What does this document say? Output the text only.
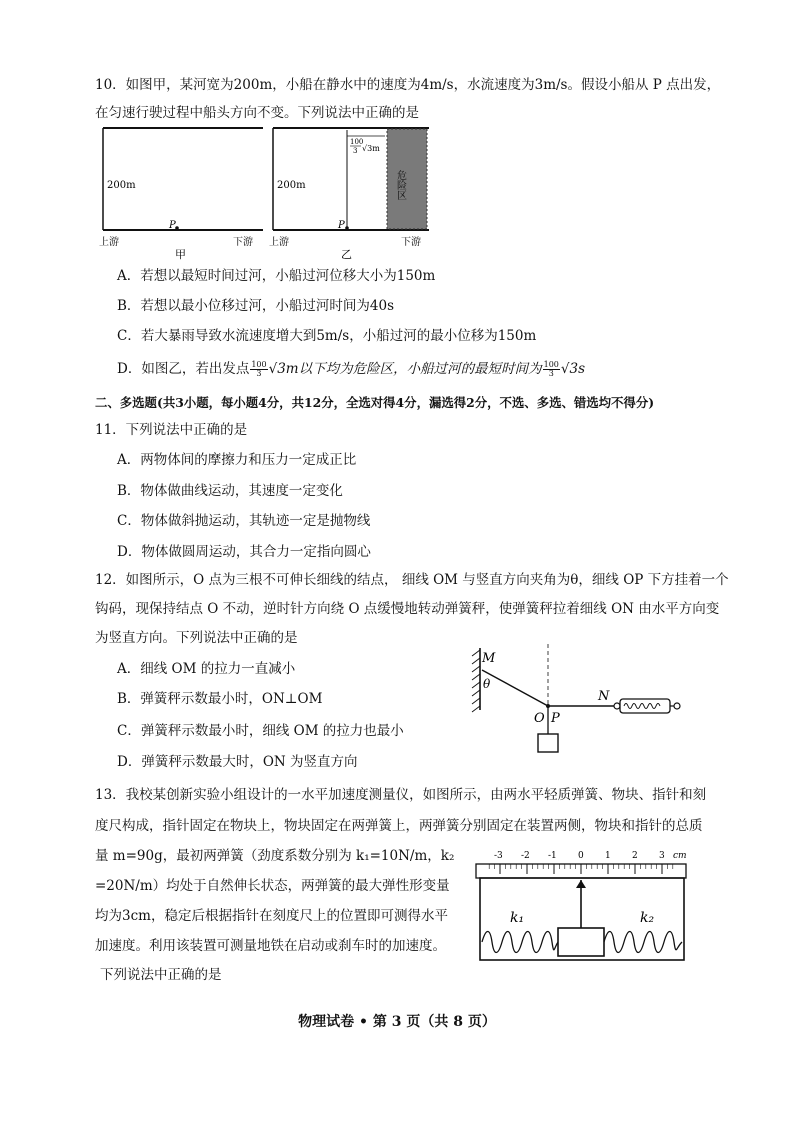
10．如图甲，某河宽为200m，小船在静水中的速度为4m/s，水流速度为3m/s。假设小船从 P 点出发，
在匀速行驶过程中船头方向不变。下列说法中正确的是
200m
P
上游	下游
甲
200m
100
3 √3m
危险区
P
上游	下游
乙
A．若想以最短时间过河，小船过河位移大小为150m
B．若想以最小位移过河，小船过河时间为40s
C．若大暴雨导致水流速度增大到5m/s，小船过河的最小位移为150m
D．如图乙，若出发点 $\frac{100}{3} √3m$以下均为危险区，小船过河的最短时间为 $\frac{100}{3} √3s$
二、多选题(共3小题，每小题4分，共12分，全选对得4分，漏选得2分，不选、多选、错选均不得分)
11．下列说法中正确的是
A．两物体间的摩擦力和压力一定成正比
B．物体做曲线运动，其速度一定变化
C．物体做斜抛运动，其轨迹一定是抛物线
D．物体做圆周运动，其合力一定指向圆心
12．如图所示，O 点为三根不可伸长细线的结点， 细线 OM 与竖直方向夹角为θ，细线 OP 下方挂着一个
钩码，现保持结点 O 不动，逆时针方向绕 O 点缓慢地转动弹簧秤，使弹簧秤拉着细线 ON 由水平方向变
为竖直方向。下列说法中正确的是
A．细线 OM 的拉力一直减小
B．弹簧秤示数最小时，ON⊥OM
C．弹簧秤示数最小时，细线 OM 的拉力也最小
D．弹簧秤示数最大时，ON 为竖直方向
M
θ
N
O P
13．我校某创新实验小组设计的一水平加速度测量仪，如图所示，由两水平轻质弹簧、物块、指针和刻
度尺构成，指针固定在物块上，物块固定在两弹簧上，两弹簧分别固定在装置两侧，物块和指针的总质
量 m=90g，最初两弹簧（劲度系数分别为 k₁=10N/m，k₂
=20N/m）均处于自然伸长状态，两弹簧的最大弹性形变量
均为3cm，稳定后根据指针在刻度尺上的位置即可测得水平
加速度。利用该装置可测量地铁在启动或刹车时的加速度。
下列说法中正确的是
-3 -2 -1 0 1 2 3 cm
k₁	k₂
物理试卷 • 第 3 页（共 8 页）
